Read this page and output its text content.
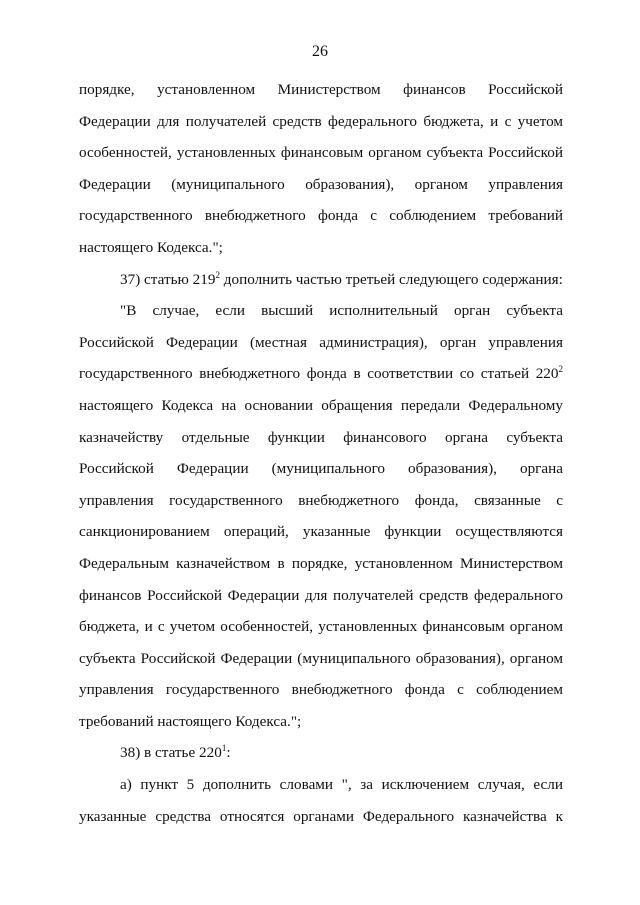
26

порядке, установленном Министерством финансов Российской Федерации для получателей средств федерального бюджета, и с учетом особенностей, установленных финансовым органом субъекта Российской Федерации (муниципального образования), органом управления государственного внебюджетного фонда с соблюдением требований настоящего Кодекса.";

37) статью $219^2$ дополнить частью третьей следующего содержания:

"В случае, если высший исполнительный орган субъекта Российской Федерации (местная администрация), орган управления государственного внебюджетного фонда в соответствии со статьей $220^2$ настоящего Кодекса на основании обращения передали Федеральному казначейству отдельные функции финансового органа субъекта Российской Федерации (муниципального образования), органа управления государственного внебюджетного фонда, связанные с санкционированием операций, указанные функции осуществляются Федеральным казначейством в порядке, установленном Министерством финансов Российской Федерации для получателей средств федерального бюджета, и с учетом особенностей, установленных финансовым органом субъекта Российской Федерации (муниципального образования), органом управления государственного внебюджетного фонда с соблюдением требований настоящего Кодекса.";

38) в статье $220^1$:

а) пункт 5 дополнить словами ", за исключением случая, если указанные средства относятся органами Федерального казначейства к
